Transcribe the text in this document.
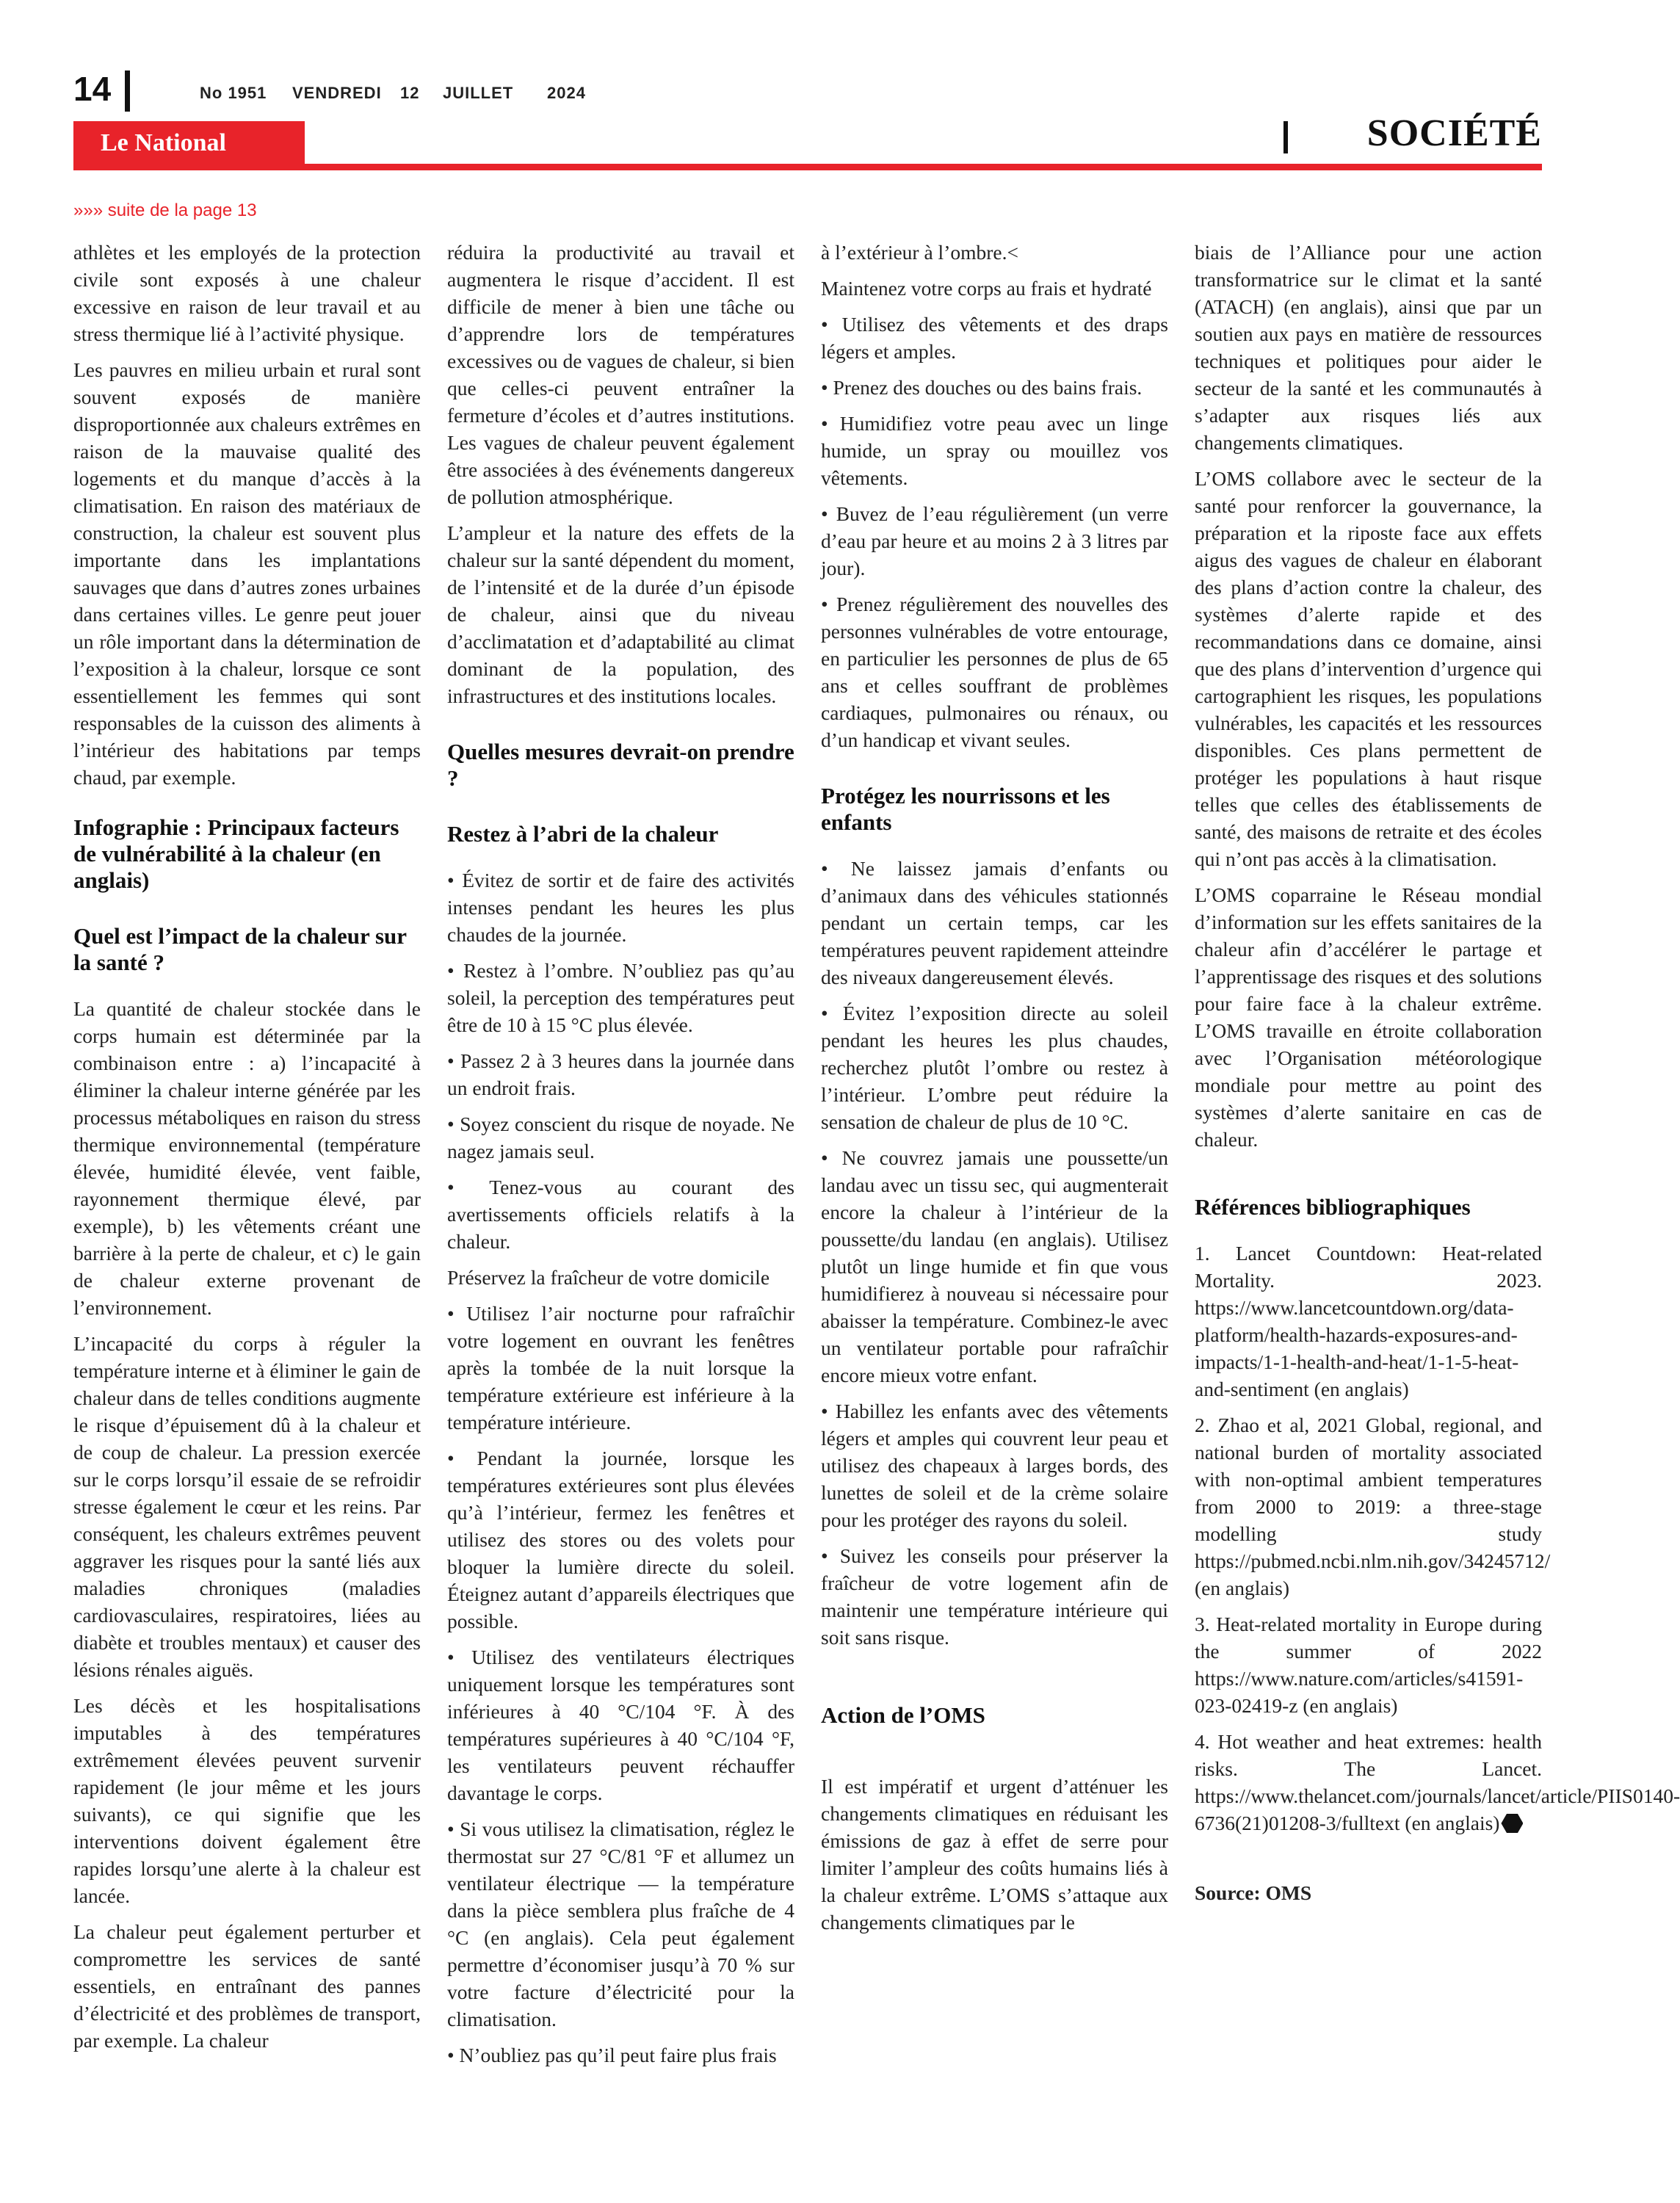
14	No 1951 VENDREDI 12 JUILLET 2024
Le National	SOCIÉTÉ
»»» suite de la page 13

athlètes et les employés de la protection civile sont exposés à une chaleur excessive en raison de leur travail et au stress thermique lié à l’activité physique.

Les pauvres en milieu urbain et rural sont souvent exposés de manière disproportionnée aux chaleurs extrêmes en raison de la mauvaise qualité des logements et du manque d’accès à la climatisation. En raison des matériaux de construction, la chaleur est souvent plus importante dans les implantations sauvages que dans d’autres zones urbaines dans certaines villes. Le genre peut jouer un rôle important dans la détermination de l’exposition à la chaleur, lorsque ce sont essentiellement les femmes qui sont responsables de la cuisson des aliments à l’intérieur des habitations par temps chaud, par exemple.

Infographie : Principaux facteurs de vulnérabilité à la chaleur (en anglais)
Quel est l’impact de la chaleur sur la santé ?

La quantité de chaleur stockée dans le corps humain est déterminée par la combinaison entre : a) l’incapacité à éliminer la chaleur interne générée par les processus métaboliques en raison du stress thermique environnemental (température élevée, humidité élevée, vent faible, rayonnement thermique élevé, par exemple), b) les vêtements créant une barrière à la perte de chaleur, et c) le gain de chaleur externe provenant de l’environnement.

L’incapacité du corps à réguler la température interne et à éliminer le gain de chaleur dans de telles conditions augmente le risque d’épuisement dû à la chaleur et de coup de chaleur. La pression exercée sur le corps lorsqu’il essaie de se refroidir stresse également le cœur et les reins. Par conséquent, les chaleurs extrêmes peuvent aggraver les risques pour la santé liés aux maladies chroniques (maladies cardiovasculaires, respiratoires, liées au diabète et troubles mentaux) et causer des lésions rénales aiguës.

Les décès et les hospitalisations imputables à des températures extrêmement élevées peuvent survenir rapidement (le jour même et les jours suivants), ce qui signifie que les interventions doivent également être rapides lorsqu’une alerte à la chaleur est lancée.

La chaleur peut également perturber et compromettre les services de santé essentiels, en entraînant des pannes d’électricité et des problèmes de transport, par exemple. La chaleur

réduira la productivité au travail et augmentera le risque d’accident. Il est difficile de mener à bien une tâche ou d’apprendre lors de températures excessives ou de vagues de chaleur, si bien que celles-ci peuvent entraîner la fermeture d’écoles et d’autres institutions. Les vagues de chaleur peuvent également être associées à des événements dangereux de pollution atmosphérique.

L’ampleur et la nature des effets de la chaleur sur la santé dépendent du moment, de l’intensité et de la durée d’un épisode de chaleur, ainsi que du niveau d’acclimatation et d’adaptabilité au climat dominant de la population, des infrastructures et des institutions locales.

Quelles mesures devrait-on prendre ?
Restez à l’abri de la chaleur

• Évitez de sortir et de faire des activités intenses pendant les heures les plus chaudes de la journée.

• Restez à l’ombre. N’oubliez pas qu’au soleil, la perception des températures peut être de 10 à 15 °C plus élevée.

• Passez 2 à 3 heures dans la journée dans un endroit frais.

• Soyez conscient du risque de noyade. Ne nagez jamais seul.

• Tenez-vous au courant des avertissements officiels relatifs à la chaleur.

Préservez la fraîcheur de votre domicile

• Utilisez l’air nocturne pour rafraîchir votre logement en ouvrant les fenêtres après la tombée de la nuit lorsque la température extérieure est inférieure à la température intérieure.

• Pendant la journée, lorsque les températures extérieures sont plus élevées qu’à l’intérieur, fermez les fenêtres et utilisez des stores ou des volets pour bloquer la lumière directe du soleil. Éteignez autant d’appareils électriques que possible.

• Utilisez des ventilateurs électriques uniquement lorsque les températures sont inférieures à 40 °C/104 °F. À des températures supérieures à 40 °C/104 °F, les ventilateurs peuvent réchauffer davantage le corps.

• Si vous utilisez la climatisation, réglez le thermostat sur 27 °C/81 °F et allumez un ventilateur électrique — la température dans la pièce semblera plus fraîche de 4 °C (en anglais). Cela peut également permettre d’économiser jusqu’à 70 % sur votre facture d’électricité pour la climatisation.

• N’oubliez pas qu’il peut faire plus frais

à l’extérieur à l’ombre.<

Maintenez votre corps au frais et hydraté

• Utilisez des vêtements et des draps légers et amples.

• Prenez des douches ou des bains frais.

• Humidifiez votre peau avec un linge humide, un spray ou mouillez vos vêtements.

• Buvez de l’eau régulièrement (un verre d’eau par heure et au moins 2 à 3 litres par jour).

• Prenez régulièrement des nouvelles des personnes vulnérables de votre entourage, en particulier les personnes de plus de 65 ans et celles souffrant de problèmes cardiaques, pulmonaires ou rénaux, ou d’un handicap et vivant seules.

Protégez les nourrissons et les enfants

• Ne laissez jamais d’enfants ou d’animaux dans des véhicules stationnés pendant un certain temps, car les températures peuvent rapidement atteindre des niveaux dangereusement élevés.

• Évitez l’exposition directe au soleil pendant les heures les plus chaudes, recherchez plutôt l’ombre ou restez à l’intérieur. L’ombre peut réduire la sensation de chaleur de plus de 10 °C.

• Ne couvrez jamais une poussette/un landau avec un tissu sec, qui augmenterait encore la chaleur à l’intérieur de la poussette/du landau (en anglais). Utilisez plutôt un linge humide et fin que vous humidifierez à nouveau si nécessaire pour abaisser la température. Combinez-le avec un ventilateur portable pour rafraîchir encore mieux votre enfant.

• Habillez les enfants avec des vêtements légers et amples qui couvrent leur peau et utilisez des chapeaux à larges bords, des lunettes de soleil et de la crème solaire pour les protéger des rayons du soleil.

• Suivez les conseils pour préserver la fraîcheur de votre logement afin de maintenir une température intérieure qui soit sans risque.

Action de l’OMS

Il est impératif et urgent d’atténuer les changements climatiques en réduisant les émissions de gaz à effet de serre pour limiter l’ampleur des coûts humains liés à la chaleur extrême. L’OMS s’attaque aux changements climatiques par le

biais de l’Alliance pour une action transformatrice sur le climat et la santé (ATACH) (en anglais), ainsi que par un soutien aux pays en matière de ressources techniques et politiques pour aider le secteur de la santé et les communautés à s’adapter aux risques liés aux changements climatiques.

L’OMS collabore avec le secteur de la santé pour renforcer la gouvernance, la préparation et la riposte face aux effets aigus des vagues de chaleur en élaborant des plans d’action contre la chaleur, des systèmes d’alerte rapide et des recommandations dans ce domaine, ainsi que des plans d’intervention d’urgence qui cartographient les risques, les populations vulnérables, les capacités et les ressources disponibles. Ces plans permettent de protéger les populations à haut risque telles que celles des établissements de santé, des maisons de retraite et des écoles qui n’ont pas accès à la climatisation.

L’OMS coparraine le Réseau mondial d’information sur les effets sanitaires de la chaleur afin d’accélérer le partage et l’apprentissage des risques et des solutions pour faire face à la chaleur extrême. L’OMS travaille en étroite collaboration avec l’Organisation météorologique mondiale pour mettre au point des systèmes d’alerte sanitaire en cas de chaleur.

Références bibliographiques

1. Lancet Countdown: Heat-related Mortality. 2023. https://www.lancetcountdown.org/data-platform/health-hazards-exposures-and-impacts/1-1-health-and-heat/1-1-5-heat-and-sentiment (en anglais)

2. Zhao et al, 2021 Global, regional, and national burden of mortality associated with non-optimal ambient temperatures from 2000 to 2019: a three-stage modelling study https://pubmed.ncbi.nlm.nih.gov/34245712/ (en anglais)

3. Heat-related mortality in Europe during the summer of 2022 https://www.nature.com/articles/s41591-023-02419-z (en anglais)

4. Hot weather and heat extremes: health risks. The Lancet. https://www.thelancet.com/journals/lancet/article/PIIS0140-6736(21)01208-3/fulltext (en anglais)

Source: OMS
